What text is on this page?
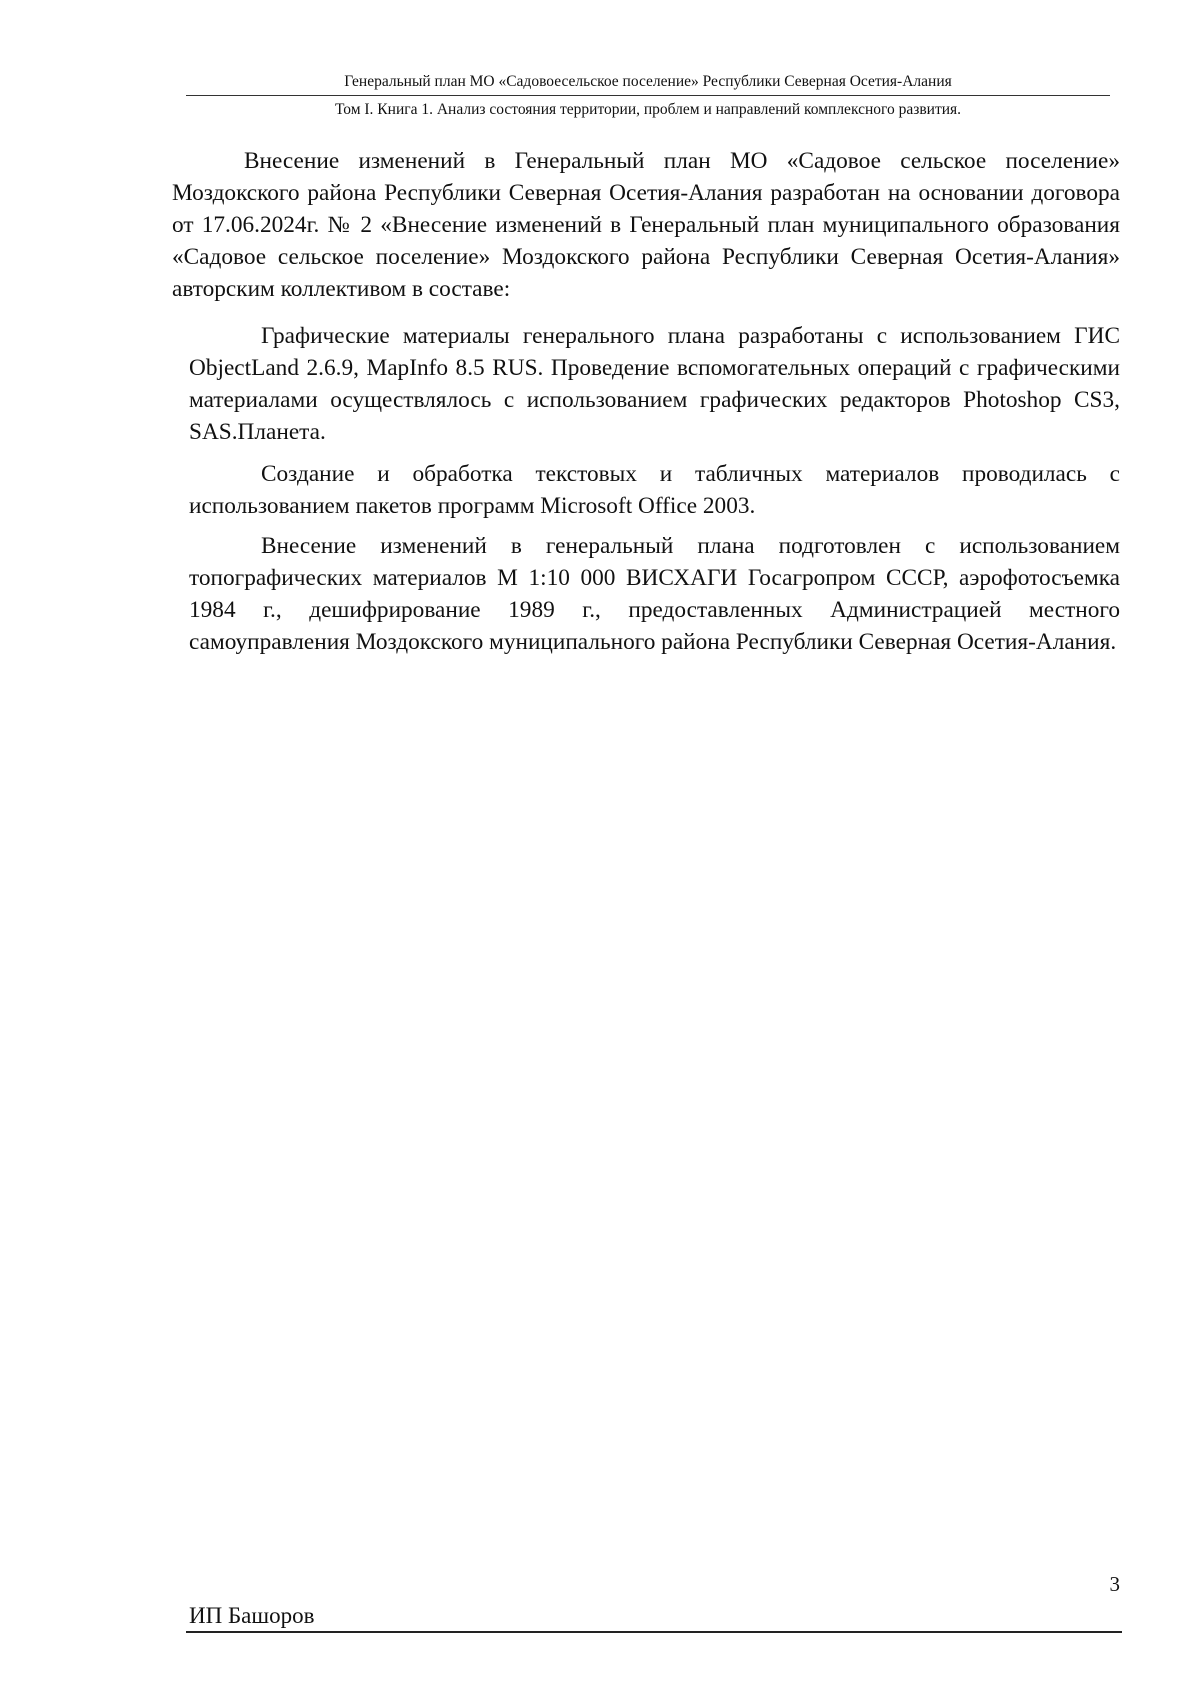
Генеральный план МО «Садовоесельское поселение» Республики Северная Осетия-Алания
Том I. Книга 1. Анализ состояния территории, проблем и направлений комплексного развития.

Внесение изменений в Генеральный план МО «Садовое сельское поселение» Моздокского района Республики Северная Осетия-Алания разработан на основании договора от 17.06.2024г. № 2 «Внесение изменений в Генеральный план муниципального образования «Садовое сельское поселение» Моздокского района Республики Северная Осетия-Алания» авторским коллективом в составе:

Графические материалы генерального плана разработаны с использованием ГИС ObjectLand 2.6.9, MapInfo 8.5 RUS. Проведение вспомогательных операций с графическими материалами осуществлялось с использованием графических редакторов Photoshop CS3, SAS.Планета.

Создание и обработка текстовых и табличных материалов проводилась с использованием пакетов программ Microsoft Office 2003.

Внесение изменений в генеральный плана подготовлен с использованием топографических материалов М 1:10 000 ВИСХАГИ Госагропром СССР, аэрофотосъемка 1984 г., дешифрирование 1989 г., предоставленных Администрацией местного самоуправления Моздокского муниципального района Республики Северная Осетия-Алания.

3
ИП Башоров
